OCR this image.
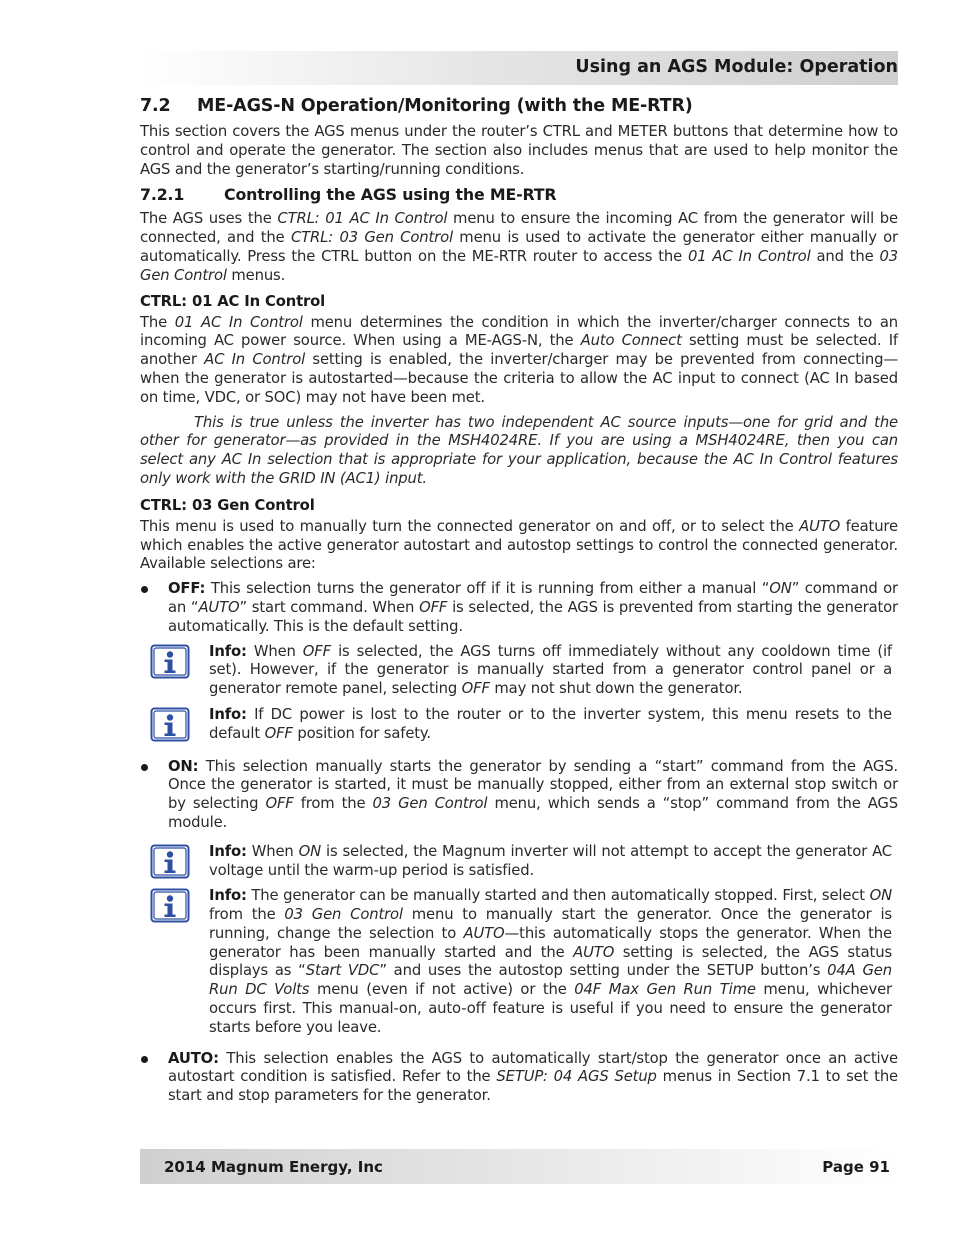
Using an AGS Module: Operation
7.2 ME-AGS-N Operation/Monitoring (with the ME-RTR)

This section covers the AGS menus under the router’s CTRL and METER buttons that determine how to control and operate the generator. The section also includes menus that are used to help monitor the AGS and the generator’s starting/running conditions.

7.2.1	Controlling the AGS using the ME-RTR

The AGS uses the CTRL: 01 AC In Control menu to ensure the incoming AC from the generator will be connected, and the CTRL: 03 Gen Control menu is used to activate the generator either manually or automatically. Press the CTRL button on the ME-RTR router to access the 01 AC In Control and the 03 Gen Control menus.

CTRL: 01 AC In Control

The 01 AC In Control menu determines the condition in which the inverter/charger connects to an incoming AC power source. When using a ME-AGS-N, the Auto Connect setting must be selected. If another AC In Control setting is enabled, the inverter/charger may be prevented from connecting—when the generator is autostarted—because the criteria to allow the AC input to connect (AC In based on time, VDC, or SOC) may not have been met.

This is true unless the inverter has two independent AC source inputs—one for grid and the other for generator—as provided in the MSH4024RE. If you are using a MSH4024RE, then you can select any AC In selection that is appropriate for your application, because the AC In Control features only work with the GRID IN (AC1) input.

CTRL: 03 Gen Control

This menu is used to manually turn the connected generator on and off, or to select the AUTO feature which enables the active generator autostart and autostop settings to control the connected generator. Available selections are:

OFF: This selection turns the generator off if it is running from either a manual “ON” command or an “AUTO” start command. When OFF is selected, the AGS is prevented from starting the generator automatically. This is the default setting.
Info: When OFF is selected, the AGS turns off immediately without any cooldown time (if set). However, if the generator is manually started from a generator control panel or a generator remote panel, selecting OFF may not shut down the generator.
Info: If DC power is lost to the router or to the inverter system, this menu resets to the default OFF position for safety.
ON: This selection manually starts the generator by sending a “start” command from the AGS. Once the generator is started, it must be manually stopped, either from an external stop switch or by selecting OFF from the 03 Gen Control menu, which sends a “stop” command from the AGS module.
Info: When ON is selected, the Magnum inverter will not attempt to accept the generator AC voltage until the warm-up period is satisfied.
Info: The generator can be manually started and then automatically stopped. First, select ON from the 03 Gen Control menu to manually start the generator. Once the generator is running, change the selection to AUTO—this automatically stops the generator. When the generator has been manually started and the AUTO setting is selected, the AGS status displays as “Start VDC” and uses the autostop setting under the SETUP button’s 04A Gen Run DC Volts menu (even if not active) or the 04F Max Gen Run Time menu, whichever occurs first. This manual-on, auto-off feature is useful if you need to ensure the generator starts before you leave.
AUTO: This selection enables the AGS to automatically start/stop the generator once an active autostart condition is satisfied. Refer to the SETUP: 04 AGS Setup menus in Section 7.1 to set the start and stop parameters for the generator.
2014 Magnum Energy, Inc	Page 91
